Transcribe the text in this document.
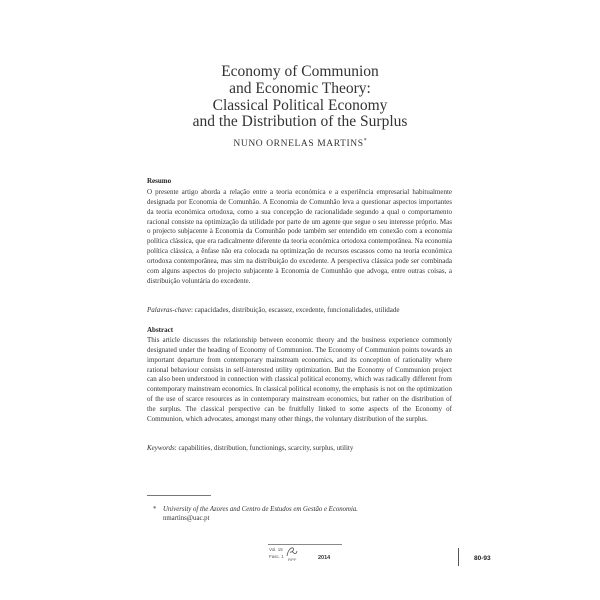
Economy of Communion
and Economic Theory:
Classical Political Economy
and the Distribution of the Surplus
NUNO ORNELAS MARTINS*
Resumo
O presente artigo aborda a relação entre a teoria económica e a experiência empresarial habitualmente designada por Economia de Comunhão. A Economia de Comunhão leva a questionar aspectos importantes da teoria económica ortodoxa, como a sua concepção de racionalidade segundo a qual o comportamento racional consiste na optimização da utilidade por parte de um agente que segue o seu interesse próprio. Mas o projecto subjacente à Economia da Comunhão pode também ser entendido em conexão com a economia política clássica, que era radicalmente diferente da teoria económica ortodoxa contemporânea. Na economia política clássica, a ênfase não era colocada na optimização de recursos escassos como na teoria económica ortodoxa contemporânea, mas sim na distribuição do excedente. A perspectiva clássica pode ser combinada com alguns aspectos do projecto subjacente à Economia de Comunhão que advoga, entre outras coisas, a distribuição voluntária do excedente.
Palavras-chave: capacidades, distribuição, escassez, excedente, funcionalidades, utilidade
Abstract
This article discusses the relationship between economic theory and the business experience commonly designated under the heading of Economy of Communion. The Economy of Communion points towards an important departure from contemporary mainstream economics, and its conception of rationality where rational behaviour consists in self-interested utility optimization. But the Economy of Communion project can also been understood in connection with classical political economy, which was radically different from contemporary mainstream economics. In classical political economy, the emphasis is not on the optimization of the use of scarce resources as in contemporary mainstream economics, but rather on the distribution of the surplus. The classical perspective can be fruitfully linked to some aspects of the Economy of Communion, which advocates, amongst many other things, the voluntary distribution of the surplus.
Keywords: capabilities, distribution, functionings, scarcity, surplus, utility
* University of the Azores and Centro de Estudos em Gestão e Economia.
nmartins@uac.pt
Vol. 15
Fasc. 1
RPF	2014	80-93
